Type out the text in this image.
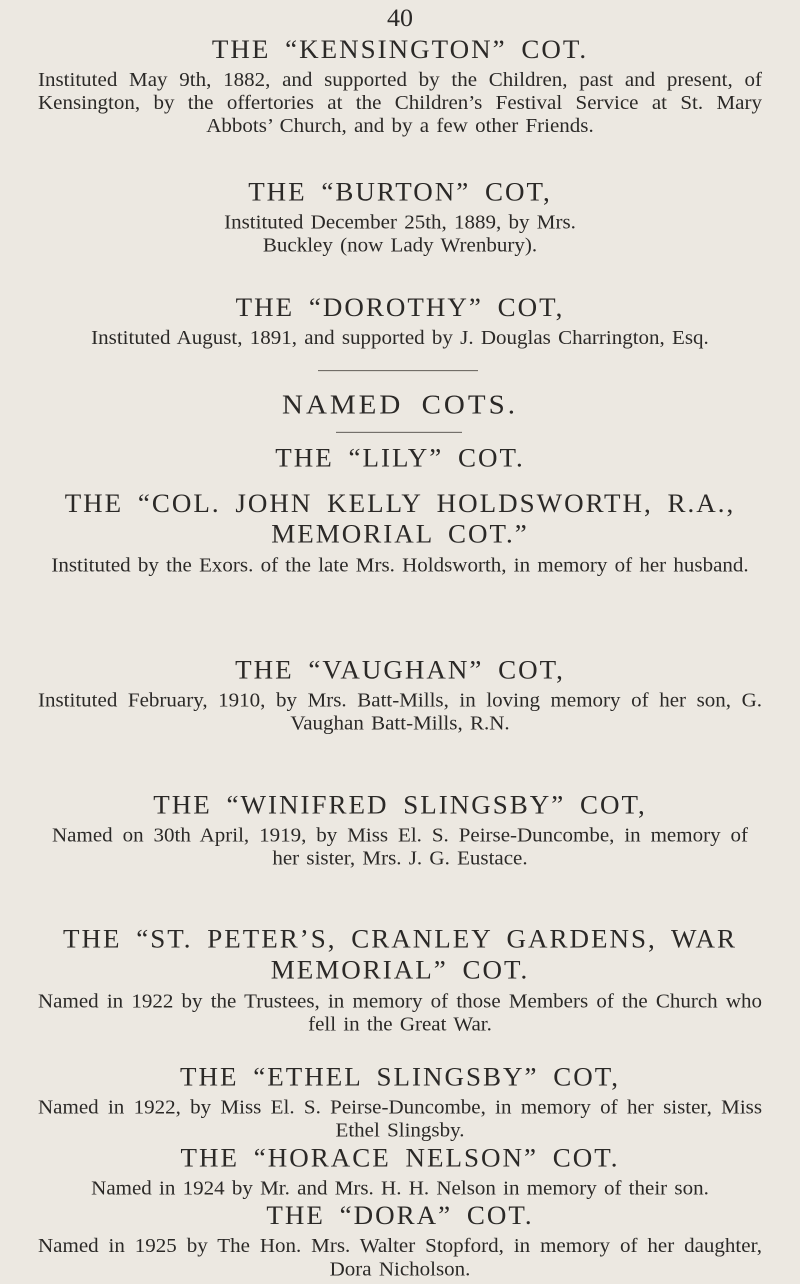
40
THE “KENSINGTON” COT.
Instituted May 9th, 1882, and supported by the Children, past and present, of Kensington, by the offertories at the Children’s Festival Service at St. Mary Abbots’ Church, and by a few other Friends.
THE “BURTON” COT,
Instituted December 25th, 1889, by Mrs. Buckley (now Lady Wrenbury).
THE “DOROTHY” COT,
Instituted August, 1891, and supported by J. Douglas Charrington, Esq.
NAMED COTS.
THE “LILY” COT.
THE “COL. JOHN KELLY HOLDSWORTH, R.A., MEMORIAL COT.”
Instituted by the Exors. of the late Mrs. Holdsworth, in memory of her husband.
THE “VAUGHAN” COT,
Instituted February, 1910, by Mrs. Batt-Mills, in loving memory of her son, G. Vaughan Batt-Mills, R.N.
THE “WINIFRED SLINGSBY” COT,
Named on 30th April, 1919, by Miss El. S. Peirse-Duncombe, in memory of her sister, Mrs. J. G. Eustace.
THE “ST. PETER’S, CRANLEY GARDENS, WAR MEMORIAL” COT.
Named in 1922 by the Trustees, in memory of those Members of the Church who fell in the Great War.
THE “ETHEL SLINGSBY” COT,
Named in 1922, by Miss El. S. Peirse-Duncombe, in memory of her sister, Miss Ethel Slingsby.
THE “HORACE NELSON” COT.
Named in 1924 by Mr. and Mrs. H. H. Nelson in memory of their son.
THE “DORA” COT.
Named in 1925 by The Hon. Mrs. Walter Stopford, in memory of her daughter, Dora Nicholson.
